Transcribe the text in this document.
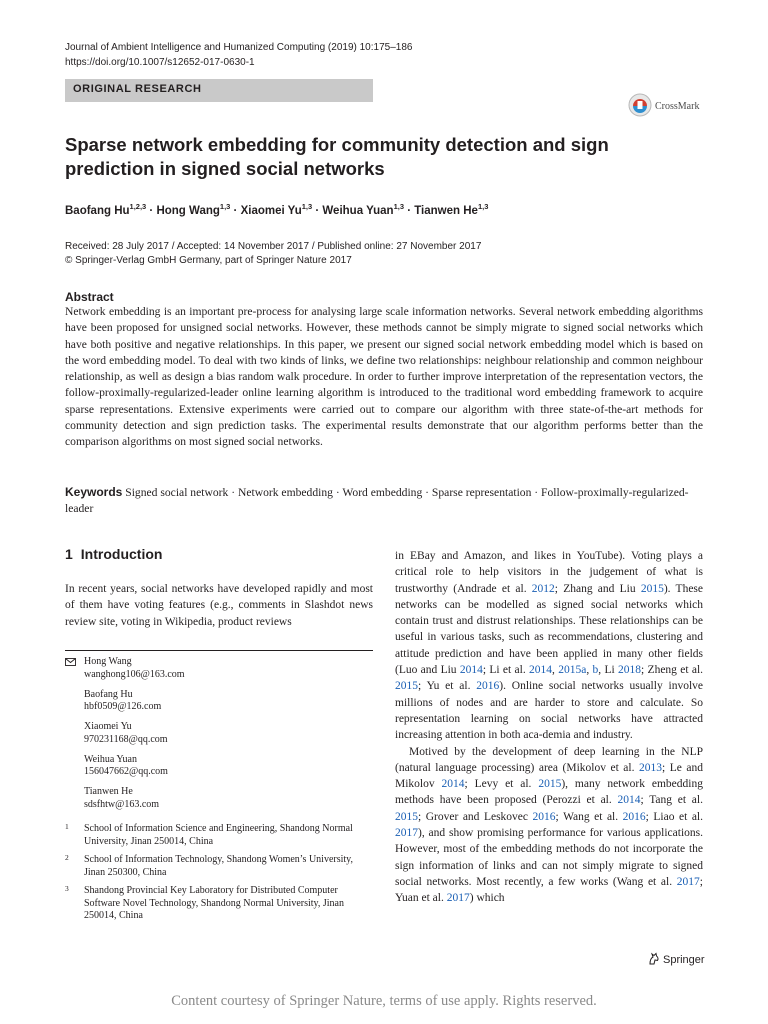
Journal of Ambient Intelligence and Humanized Computing (2019) 10:175–186
https://doi.org/10.1007/s12652-017-0630-1
ORIGINAL RESEARCH
CrossMark
Sparse network embedding for community detection and sign
prediction in signed social networks
Baofang Hu$^{1,2,3}$ · Hong Wang$^{1,3}$ · Xiaomei Yu$^{1,3}$ · Weihua Yuan$^{1,3}$ · Tianwen He$^{1,3}$
Received: 28 July 2017 / Accepted: 14 November 2017 / Published online: 27 November 2017
© Springer-Verlag GmbH Germany, part of Springer Nature 2017
Abstract
Network embedding is an important pre-process for analysing large scale information networks. Several network embedding algorithms have been proposed for unsigned social networks. However, these methods cannot be simply migrate to signed social networks which have both positive and negative relationships. In this paper, we present our signed social network embedding model which is based on the word embedding model. To deal with two kinds of links, we define two relationships: neighbour relationship and common neighbour relationship, as well as design a bias random walk procedure. In order to further improve interpretation of the representation vectors, the follow-proximally-regularized-leader online learning algorithm is introduced to the traditional word embedding framework to acquire sparse representations. Extensive experiments were carried out to compare our algorithm with three state-of-the-art methods for community detection and sign prediction tasks. The experimental results demonstrate that our algorithm performs better than the comparison algorithms on most signed social networks.
Keywords Signed social network · Network embedding · Word embedding · Sparse representation · Follow-proximally-regularized-leader
1 Introduction
In recent years, social networks have developed rapidly and most of them have voting features (e.g., comments in Slashdot news review site, voting in Wikipedia, product reviews

in EBay and Amazon, and likes in YouTube). Voting plays a critical role to help visitors in the judgement of what is trustworthy (Andrade et al. 2012; Zhang and Liu 2015). These networks can be modelled as signed social networks which contain trust and distrust relationships. These relationships can be useful in various tasks, such as recommendations, clustering and attitude prediction and have been applied in many other fields (Luo and Liu 2014; Li et al. 2014, 2015a, b, Li 2018; Zheng et al. 2015; Yu et al. 2016). Online social networks usually involve millions of nodes and are harder to store and calculate. So representation learning on social networks have attracted increasing attention in both aca-demia and industry.

Motived by the development of deep learning in the NLP (natural language processing) area (Mikolov et al. 2013; Le and Mikolov 2014; Levy et al. 2015), many network embedding methods have been proposed (Perozzi et al. 2014; Tang et al. 2015; Grover and Leskovec 2016; Wang et al. 2016; Liao et al. 2017), and show promising performance for various applications. However, most of the embedding methods do not incorporate the sign information of links and can not simply migrate to signed social networks. Most recently, a few works (Wang et al. 2017; Yuan et al. 2017) which

Hong Wang
wanghong106@163.com
Baofang Hu
hbf0509@126.com
Xiaomei Yu
970231168@qq.com
Weihua Yuan
156047662@qq.com
Tianwen He
sdsfhtw@163.com
1 School of Information Science and Engineering, Shandong Normal University, Jinan 250014, China
2 School of Information Technology, Shandong Women’s University, Jinan 250300, China
3 Shandong Provincial Key Laboratory for Distributed Computer Software Novel Technology, Shandong Normal University, Jinan 250014, China
Springer
Content courtesy of Springer Nature, terms of use apply. Rights reserved.
